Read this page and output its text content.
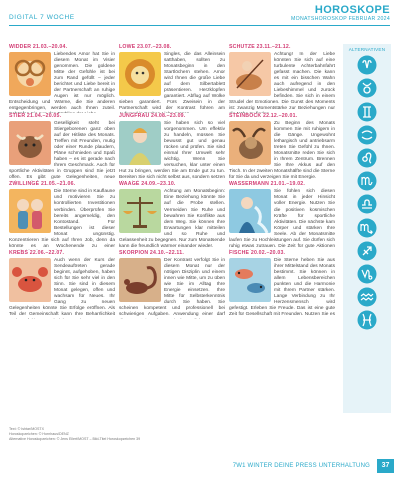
DIGITAL 7 WOCHE
HOROSKOPE
MONATSHOROSKOP FEBRUAR 2024
WIDDER 21.03.–20.04.
Liebendes Amor hat Sie in diesem Monat im Visier genommen. Die goldene Mitte der Gefühle ist bei zum Rand gefüllt – jeder berichtet und Liebe bereit in der Partnerschaft an ruhige Augen ist nur möglich. Entscheidung und Wärme, die Sie anderen entgegenbringen, werden auch Ihnen zuteil.
LÖWE 23.07.–23.08.
Singles, die das Alleinsein satthaben, sollten zu Monatsbeginn in den Startlöchern stehen. Amor wird Ihnen die große Liebe auf dem Silbertablett präsentieren. Herzklopfen garantiert. Abflug auf Wolke sieben garantiert. Fürs Zweisein in der Partnerschaft wird der Kontrast führen am
SCHÜTZE 23.11.–21.12.
Achtung! In der Liebe könnten Sie sich auf eine turbulente Achterbahnfahrt gefasst machen. Die kann es mit ein bisschen Wahn auch aufregend in den Liebeshimmel und zurück befinden. Sie sich in einem Strudel der Emotionen. Die Gunst des Moments ist: zwanzig Momentstärke zur Beziehungen nur
STIER 21.04.–20.05.
Geselligkeit steht bei Stiergeborenen ganz oben auf der Hitliste des Monats. Treffen mit Freunden, mutig oder einer Runde plaudern, Pläne schmieden und Spaß haben – es ist gerade nach Ihrem Geschmack. Auch für sportliche Aktivitäten in Gruppen sind Sie jetzt offen. Es gibt gute Gelegenheiten, neue
JUNGFRAU 24.08.–23.09.
Sie haben sich so viel vorgenommen. Um effektiv zu handeln, müssen Sie bewusst gut und genau rücken und prüfen. Sie sind einmal Ihrer Umwelt sehr wichtig. Wenn Sie versuchen, klar unter einen Hut zu bringen, werden Sie am Ende gut zu tun. Bereiten Sie sich nicht selbst aus, sondern setzen
STEINBOCK 22.12.–20.01.
Zu Beginn des Monats kommen Sie mit ruhigem in die Gänge. Ungewohnt lethargisch und antriebsarm treten Sie Gefühl zu Ihnen. Monatsmitte reden Sie sich in Ihrem Zentrum. Brennen Sie Ihre Akkus auf den Tisch. In der zweiten Monatshälfte sind die Sterne für Sie da und verzeigen Sie mit Energie.
ZWILLINGE 21.05.–21.06.
Die Sterne sind in Kauflaune und motivieren Sie zu kontrollierten Investitionen verbinden. Überprüfen Sie bereits angemeldig, den Kontostand. Für Bestellungen ist dieser Monat ungünstig. Konzentrieren Sie sich auf Ihren Job, denn da könnte es an Wochenende zu einer
WAAGE 24.09.–23.10.
Achtung am Monatsbeginn: Eine Beziehung könnte Sie auf die Probe stellen. Vermeiden Sie Ruhe und bewahren Sie Konflikte aus dem Weg. Sie können Ihre Erwartungen klar mitteilen und so Ruhe und Gelassenheit zu begegnen. Nur zum Monatsende kann die freundlich wärmer einander wieder.
WASSERMANN 21.01.–19.02.
Sie fühlen sich diesen Monat in jeder Hinsicht voller Energie. Nutzen Sie die positiven kosmischen Kräfte für sportliche Aktivitäten. Die nächste kam Körper und stärken Ihre Seele. Ab der Monatsmitte laufen Sie zu Hochleistungen auf. Sie dürfen sich ruhig etwas zutrauen. Die Zeit für gute Aktionen
KREBS 22.06.–22.07.
Auch wenn der Kurs der Sendeauftreten gerade beginnt, aufgehoben, haben sich für Sie sehr viel in den Sinn. Sie sind in diesem Monat gelegen, offen und wachsam für Neues. Ihr Gang zu neuen Gelegenheiten könnte Sie Erfolge eröffnen. Als Teil der Gemeinschaft kann Ihre Beharrlichkeit
SKORPION 24.10.–22.11.
Der Kontrast verfolgt Sie in diesem Monat nur der nötigen Disziplin und einem innen wie Mitte, um zu üben wie Sie im Alltag Ihre Energie einsetzen. Ihre Mitte für Selbsterkenntnis durch Sie haben. Sie scheinen kompetent und professionell bei schwierigen Aufgaben. Anwendung einer darf
FISCHE 20.02.–20.03.
Die Sterne heben Sie aus ihrer Mittelstand des Monats bestimmt. Sie können in allem Lebensbereichen punkten und die Harmonie mit Ihrem Partner stärken. Lange Verbindung zu Ihr Herzensmensch wird gefestigt. Erleben Sie Freude. Das ist eine gute Zeit für Gesellschaft mit Freunden. Nutzen Sie es
ALTERNATIVEN
Text: © Ishtar/MOSTX
Horoskopzeichen: © Hornhaus/DENZ
Alternative Horoskopzeichen: © Jens Eilert/MOST – Bild-Titel Horoskopzeichen 39
7W1 WINTER DEINE PRESS UNTERHALTUNG	37
